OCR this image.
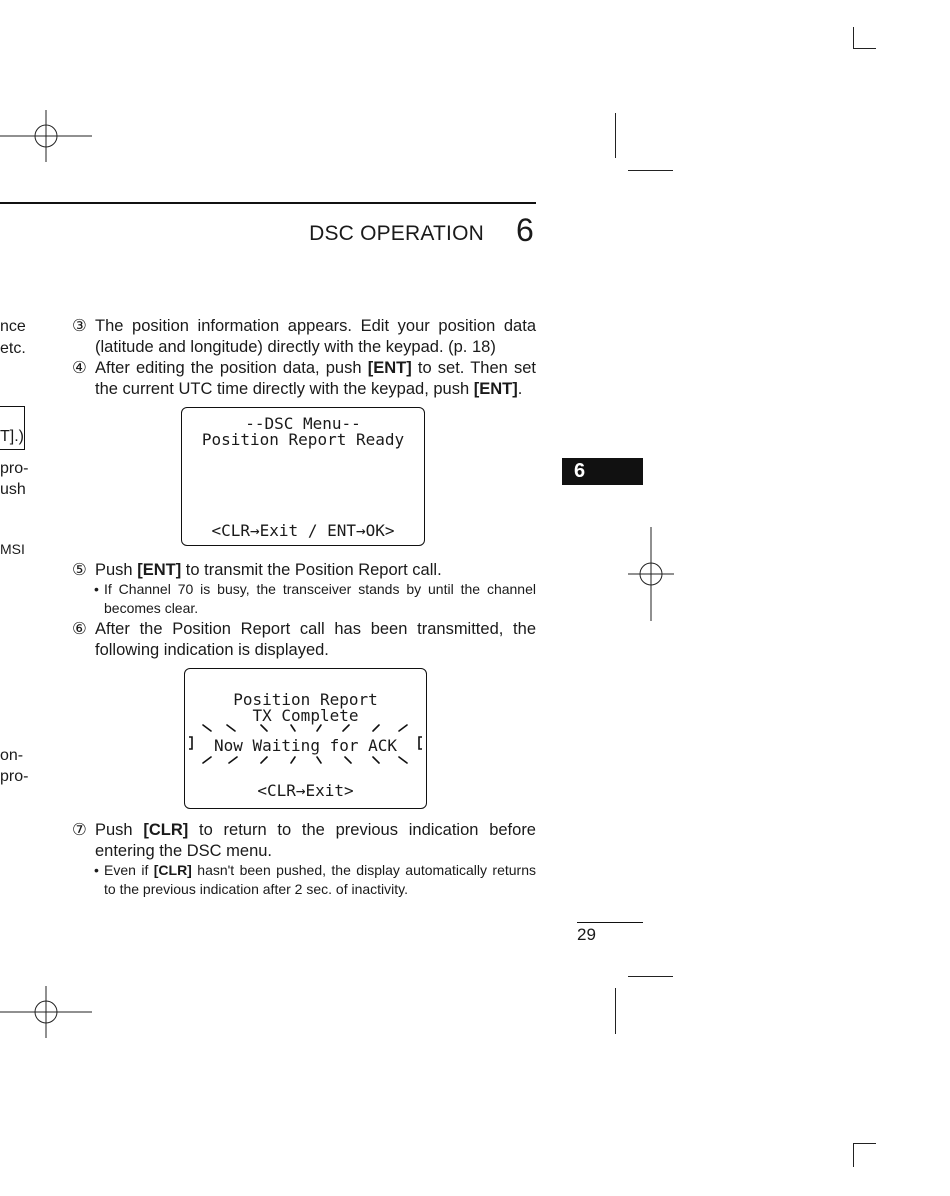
DSC OPERATION 6
nce
etc.
T].)
pro-
ush
MSI
on-
pro-
③ The position information appears. Edit your position data (latitude and longitude) directly with the keypad. (p. 18)
④ After editing the position data, push [ENT] to set. Then set the current UTC time directly with the keypad, push [ENT].
--DSC Menu--
Position Report Ready
<CLR→Exit / ENT→OK>
⑤ Push [ENT] to transmit the Position Report call.
• If Channel 70 is busy, the transceiver stands by until the channel becomes clear.
⑥ After the Position Report call has been transmitted, the following indication is displayed.
Position Report
TX Complete
Now Waiting for ACK
<CLR→Exit>
⑦ Push [CLR] to return to the previous indication before entering the DSC menu.
• Even if [CLR] hasn't been pushed, the display automatically returns to the previous indication after 2 sec. of inactivity.
6
29
